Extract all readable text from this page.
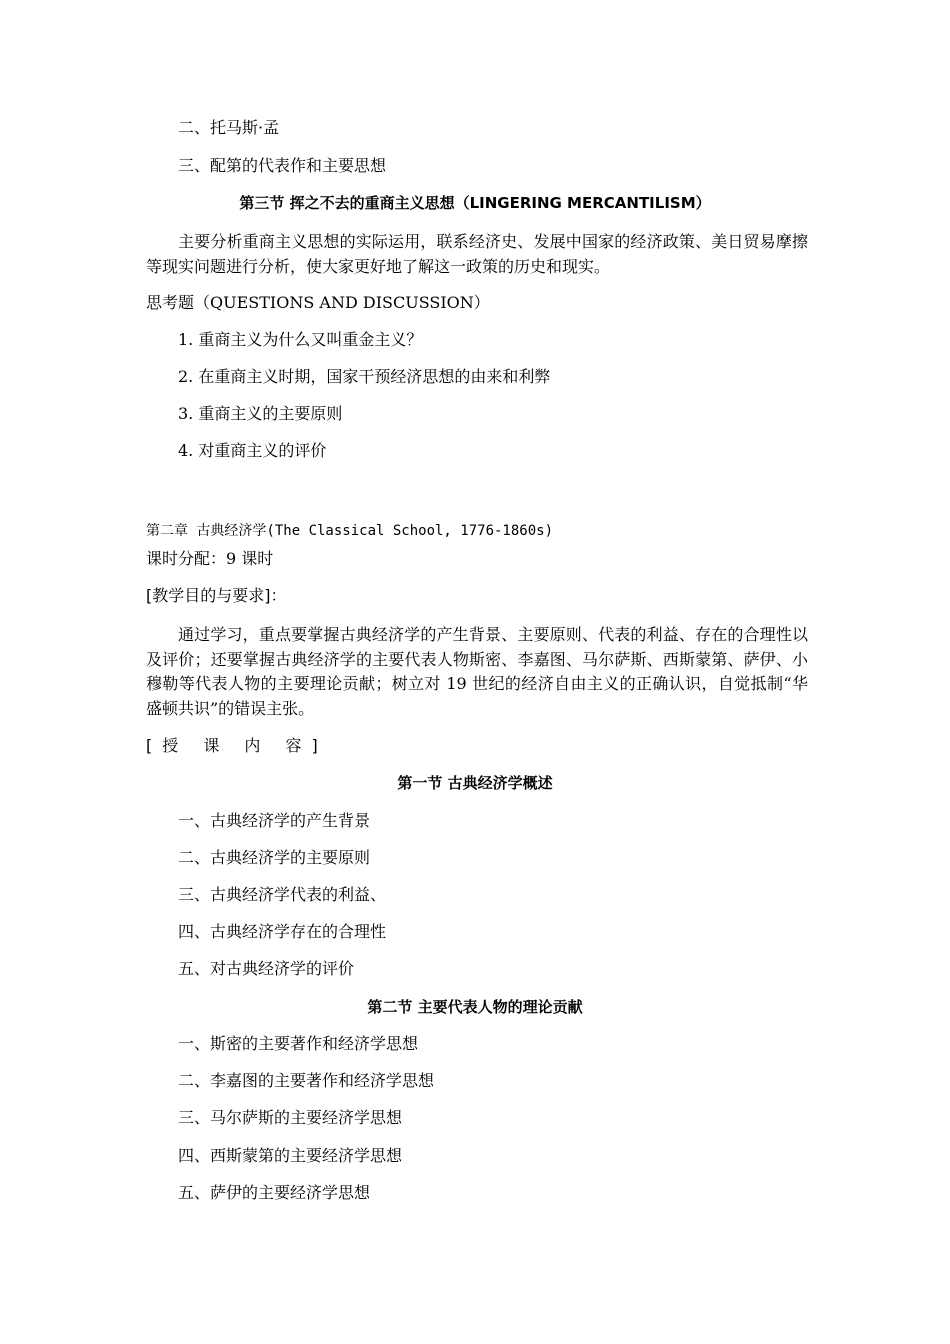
二、托马斯·孟
三、配第的代表作和主要思想
第三节 挥之不去的重商主义思想（LINGERING MERCANTILISM）
主要分析重商主义思想的实际运用，联系经济史、发展中国家的经济政策、美日贸易摩擦等现实问题进行分析，使大家更好地了解这一政策的历史和现实。
思考题（QUESTIONS AND DISCUSSION）
1. 重商主义为什么又叫重金主义？
2. 在重商主义时期，国家干预经济思想的由来和利弊
3. 重商主义的主要原则
4. 对重商主义的评价
第二章 古典经济学(The Classical School, 1776-1860s)
课时分配：9 课时
[教学目的与要求]：
通过学习，重点要掌握古典经济学的产生背景、主要原则、代表的利益、存在的合理性以及评价；还要掌握古典经济学的主要代表人物斯密、李嘉图、马尔萨斯、西斯蒙第、萨伊、小穆勒等代表人物的主要理论贡献；树立对 19 世纪的经济自由主义的正确认识，自觉抵制“华盛顿共识”的错误主张。
[授 课 内 容]
第一节 古典经济学概述
一、古典经济学的产生背景
二、古典经济学的主要原则
三、古典经济学代表的利益、
四、古典经济学存在的合理性
五、对古典经济学的评价
第二节 主要代表人物的理论贡献
一、斯密的主要著作和经济学思想
二、李嘉图的主要著作和经济学思想
三、马尔萨斯的主要经济学思想
四、西斯蒙第的主要经济学思想
五、萨伊的主要经济学思想
